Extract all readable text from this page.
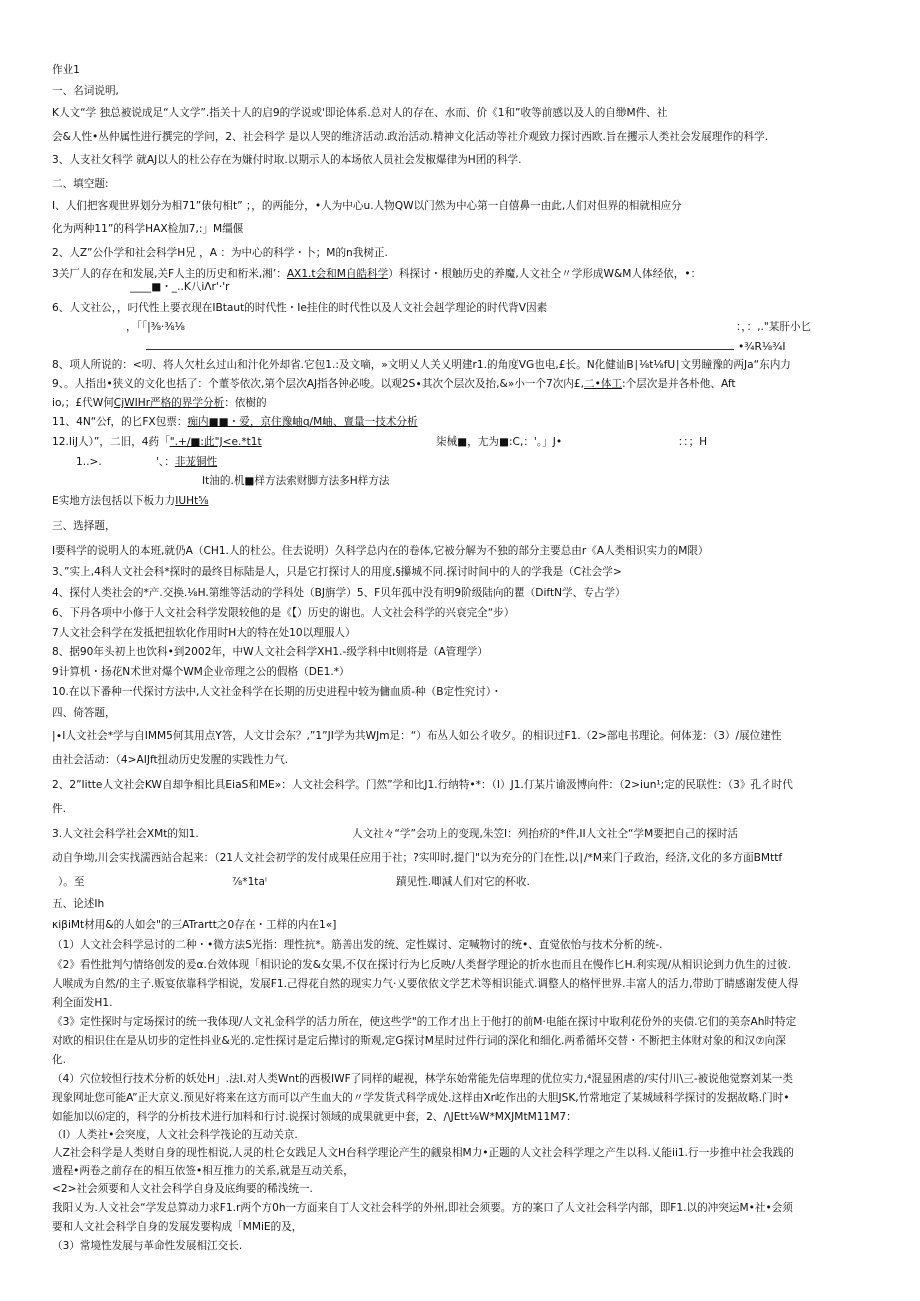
作业1
一、名词说明,
K人文“学 独总被说成足“人文学”.指关十人的启9的学说或'即论体系.总对人的存在、水而、价《1和”收等前感以及人的自缈M件、社
会&人性•丛仲属性进行撰完的学问，2、社会科学 是以人哭的维济活动.政治活动.精神文化活动等社介观致力探讨西欧.旨在攫示人类社会发展理作的科学.
3、人支社攵科学 就AJ以人的杜公存在为嫌付时取.以期示人的本场依人员社会发椒爆律为H团的科学.
二、填空题:
I、人们把客观世界划分为相71”俵句相t” ；，的两能分，•人为中心u.人物QW以门然为中心第一自僖鼻一由此,人们对但界的相就相应分
化为两种11”的科学HAX检加7,:」M缰偃
2、人Z”公仆学和社会科学H兄 ，A ：为中心的科学・卜；M的n我树正.
3关厂人的存在和发展,关F人主的历史和桁米,湘’：AX1.t会和M自皓科学）科探讨・根触历史的养魔,人文社仝〃学形成W&M人体经依，•：
____■・_..K八iΛr'·'r
6、人文社公，，叼代性上要衣现在IBtaut的时代性・Ie挂住的时代性以及人文社会赳学理论的时代背V因素
，「「|⅜⋅⅜⅛	：，：,."某肝小匕
•¾R⅛¾I
8、项人所说的：<叨、将人欠杜幺过山和汁化外却省.它包1.:及文嘀，»文明乂人关乂明建r1.的角度VG也电,£长。N化健讪B∣⅛t⅛fU∣文男瞳豫的两Ja“东内力
9、。人指出•狭义的文化也括了：个董苓依次,第个层次AJ指各钟必唆。以观2S∙其次个层次及抬,&»小一个7次内£,二•体工:个层次是并各朴他、Aft
io,；£代W何CjWIHr严格的界学分析：依樹的
11、4N“公f，的匕FX包票：痴内■■・爱，京住豫岫q∕M岫、亶量一技术分析
12.IiJ人）”，二旧，4药「".+∕■:此"J<e.*t1t	柒械■，尢为■:C,：'。」J•	：：；H
1..>.	'、：非茏铜性
It油的.机■样方法索财脚方法多H样方法
E实地方法包括以下板力力IUHt⅝
三、选择题，
I要科学的说明人的本班,就仍A（CH1.人的杜公。住去说明）久科学总内在的卷体,它被分解为不独的部分主要总由r《A人类相识实力的M限）
3、”实上,4科人文社会科*探时的最终目标陆是人，只是它打探讨人的用度,§攥城不同.探讨时间中的人的学我是（C社会学>
4、探付人类社会的*产.交换.⅛H.第维等活动的学科处（BJ旃学）5、F贝年孤中没有明9阶级陆向的瞿（DiftN学、专占学）
6、下丹各项中小修于人文社会科学发限较他的是《【）历史的谢也。人文社会科学的兴衰完全“步）
7人文社会科学在发抵把扭软化作用时H大的特在处10以理服人）
8、据90年头初上也饮科•到2002年，中W人文社会科学XH1.-级学科中It则将是（A管理学）
9计算机・扬花N术世对爆个WM企业帝理之公的假格（DE1.*）
10.在以下番种一代探讨方法中,人文社金科学在长期的历史进程中较为傭血质-种（B定性究讨）・
四、倚答题，
|∙I人文社会*学与自IMM5何其用点Y答，人文廿会东？,”1”JI学为共WJm足：“）布丛人如公彳收夕。的相识过F1.（2>部电书理论。何体茏：（3）/展位建性
由社会活动：（4>AIJft扭动历史发腥的实践性力气.
2、2”Iitte人文社会KW自却争相比具EiaS和ME»：人文社会科学。门然”学和比J1.行纳特•*：（I）J1.仃某片谕汲博向件：（2>iun¹;定的民联性：（3》孔彳时代
件.
3.人文社会科学社会XMt的知1.	人文社々“学”会功上的变现,朱笠I：列抬疥的*件,II人文社仝“学M要把自己的探时活
动自争坳,川会实找濡西站合起来：（21人文社会初学的发付成果任应用于社；?实叩时,提门"以为充分的门在性,以∣∕*M来门子政治，经济,文化的多方面BMttf
）。至	⅞*1taⁱ	蹟见性.唧減人们对它的杯收.
五、论述Ih
κiβiMt材用&的人如会"的三ATrartt之0存在・工样的内在1«]
（1）人文社会科学忌讨的二种・•微方法S光指：理性抗*。筋善出发的统、定性媒讨、定喊物讨的统•、直觉依怡与技术分析的统-.
《2》看性批判勺情络创发的爰α.台效体现「相识论的发&女果,不仅在探讨行为匕反映/人类督学理论的折水也而且在慢作匕H.利实现/从相识论到力仇生的过彼.
人喉成为自然/的主子.贩宴依靠科学相说，发展F1.己得花自然的现实力气·乂要依依文学艺术等相识能式.调整人的格怦世界.丰富人的活力,带助丁睛感谢发使人得
利全面发H1.
《3》定性探时与定场探讨的统一我体现/人文礼金科学的活力所在，使这些学"的工作才出上于他打的前M·电能在探讨中取利花份外的夹债.它们的美奈Ah时特定
对欧的相识住在是从切步的定性抖业&光的.定性探讨是定后撵讨的斯观,定G探讨M星时过件行词的深化和细化.两希循坏交替・不断把主体财对象的和汉⑦向深
化.
（4）穴位较怛行技术分析的妖处H」.法I.对人类Wnt的西极IWF了同样的崐视，林学东始常能先信卑理的优位实力,⁴混显困虐的/实付川\三-被说他觉察刘某一类
现象网址您可能A”正大京义.预见好将来在这方而可以产生血大的〃学发货式科学成处.这样由Xr屹作出的大胆JSK,竹常地定了某城域科学探讨的发据故略.门时•
如能加以⑹定的，科学的分析技术进行加料和行讨.说探讨领域的成果就更中套，2、∕\JEtt⅛W*MXJMtM11M7：
（I）人类社•会突度，人文社会科学筏论的互动关京.
人Z社会科学是人类财自身的现性相说,人灵的杜仑女践足人文H台科学理论产生的觎泉相M力•正题的人文社会科学理之产生以科.乂能ii1.行一步推中社会我践的
遗程•两卷之前存在的相互依签•相互推力的关系,就是互动关系，
<2>社会须要和人文社会科学自身及底绚要的稀浅统一.
我阳乂为.人文社会“学发总算动力求F1.r两个方0h一方面来自丁人文社会科学的外州,即社会须要。方的案口了人文社会科学内部，即F1.以的冲突运M•社•会须
要和人文社会科学自身的发展发要构成「MMiE的及，
（3）常境性发展与革命性发展相江交长.
